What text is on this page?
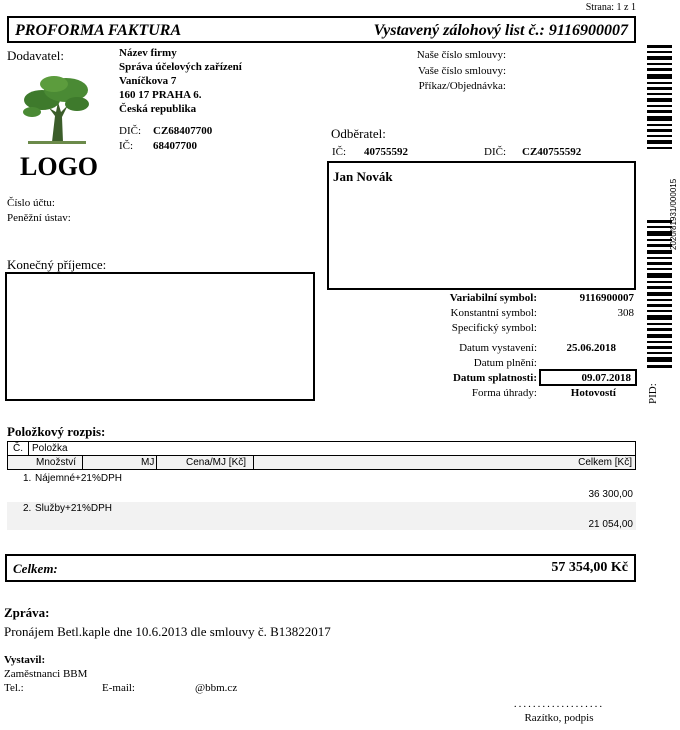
Strana: 1 z 1
PROFORMA FAKTURA	Vystavený zálohový list č.: 9116900007
Dodavatel:	Název firmy
Správa účelových zařízení
Vaníčkova 7
160 17 PRAHA 6.
Česká republika
DIČ: CZ68407700
IČ: 68407700
LOGO
Naše číslo smlouvy:
Vaše číslo smlouvy:
Příkaz/Objednávka:
Odběratel:
IČ: 40755592	DIČ: CZ40755592
Jan Novák
Číslo účtu:
Peněžní ústav:
Konečný příjemce:
Variabilní symbol:	9116900007
Konstantní symbol:	308
Specifický symbol:
Datum vystavení:	25.06.2018
Datum plnění:
Datum splatnosti:	09.07.2018
Forma úhrady:	Hotovostí
2020/81931/000015
PID:
Položkový rozpis:
Č. Položka
Množství	MJ	Cena/MJ [Kč]	Celkem [Kč]
1. Nájemné+21%DPH
36 300,00
2. Služby+21%DPH
21 054,00
Celkem:	57 354,00 Kč
Zpráva:
Pronájem Betl.kaple dne 10.6.2013 dle smlouvy č. B13822017
Vystavil:
Zaměstnanci BBM
Tel.:	E-mail:	@bbm.cz
...................
Razítko, podpis
